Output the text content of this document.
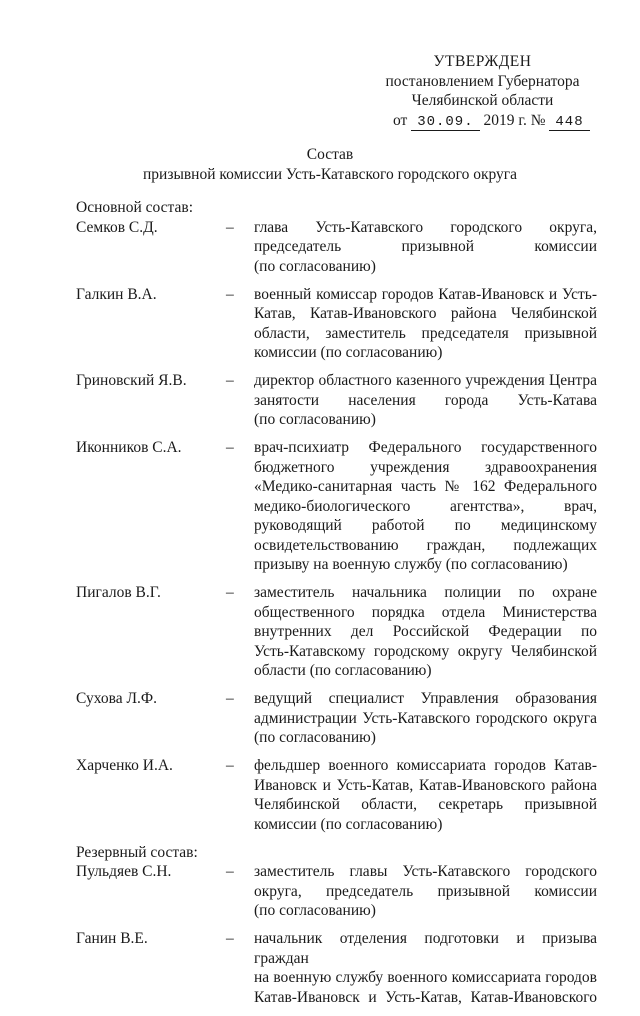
УТВЕРЖДЕН
постановлением Губернатора
Челябинской области
от 30.09. 2019 г. № 448
Состав
призывной комиссии Усть-Катавского городского округа
Основной состав:
Семков С.Д.	–	глава Усть-Катавского городского округа,
председатель призывной комиссии
(по согласованию)
Галкин В.А.	–	военный комиссар городов Катав-Ивановск и Усть-
Катав, Катав-Ивановского района Челябинской
области, заместитель председателя призывной
комиссии (по согласованию)
Гриновский Я.В.	–	директор областного казенного учреждения Центра
занятости населения города Усть-Катава
(по согласованию)
Иконников С.А.	–	врач-психиатр Федерального государственного
бюджетного учреждения здравоохранения
«Медико-санитарная часть № 162 Федерального
медико-биологического агентства», врач,
руководящий работой по медицинскому
освидетельствованию граждан, подлежащих
призыву на военную службу (по согласованию)
Пигалов В.Г.	–	заместитель начальника полиции по охране
общественного порядка отдела Министерства
внутренних дел Российской Федерации по
Усть-Катавскому городскому округу Челябинской
области (по согласованию)
Сухова Л.Ф.	–	ведущий специалист Управления образования
администрации Усть-Катавского городского округа
(по согласованию)
Харченко И.А.	–	фельдшер военного комиссариата городов Катав-
Ивановск и Усть-Катав, Катав-Ивановского района
Челябинской области, секретарь призывной
комиссии (по согласованию)
Резервный состав:
Пульдяев С.Н.	–	заместитель главы Усть-Катавского городского
округа, председатель призывной комиссии
(по согласованию)
Ганин В.Е.	–	начальник отделения подготовки и призыва граждан
на военную службу военного комиссариата городов
Катав-Ивановск и Усть-Катав, Катав-Ивановского
